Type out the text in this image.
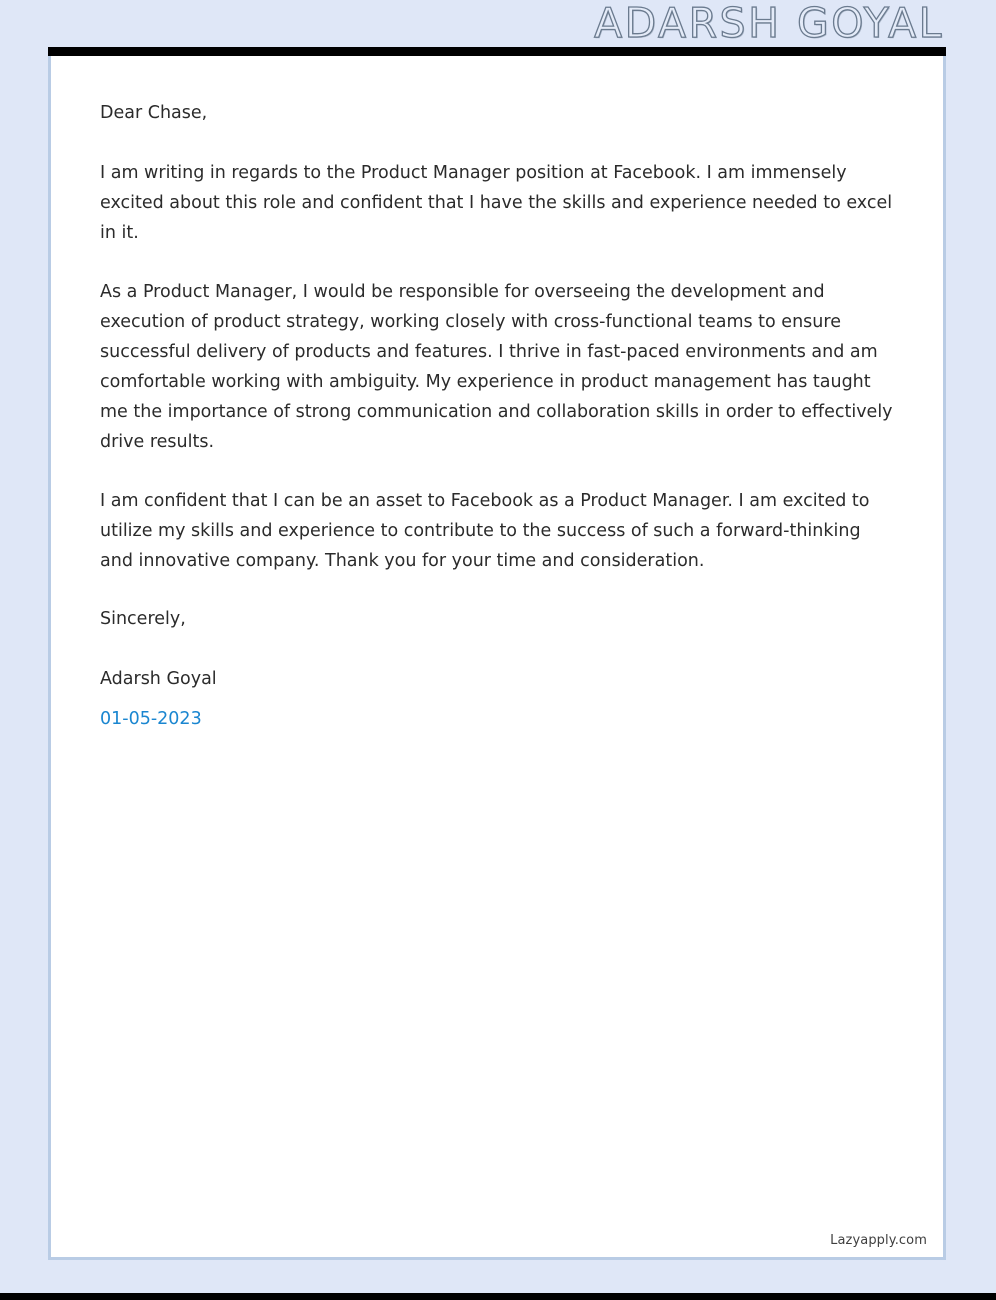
ADARSH GOYAL

Dear Chase,

I am writing in regards to the Product Manager position at Facebook. I am immensely excited about this role and confident that I have the skills and experience needed to excel in it.

As a Product Manager, I would be responsible for overseeing the development and execution of product strategy, working closely with cross-functional teams to ensure successful delivery of products and features. I thrive in fast-paced environments and am comfortable working with ambiguity. My experience in product management has taught me the importance of strong communication and collaboration skills in order to effectively drive results.

I am confident that I can be an asset to Facebook as a Product Manager. I am excited to utilize my skills and experience to contribute to the success of such a forward-thinking and innovative company. Thank you for your time and consideration.

Sincerely,

Adarsh Goyal

01-05-2023

Lazyapply.com
